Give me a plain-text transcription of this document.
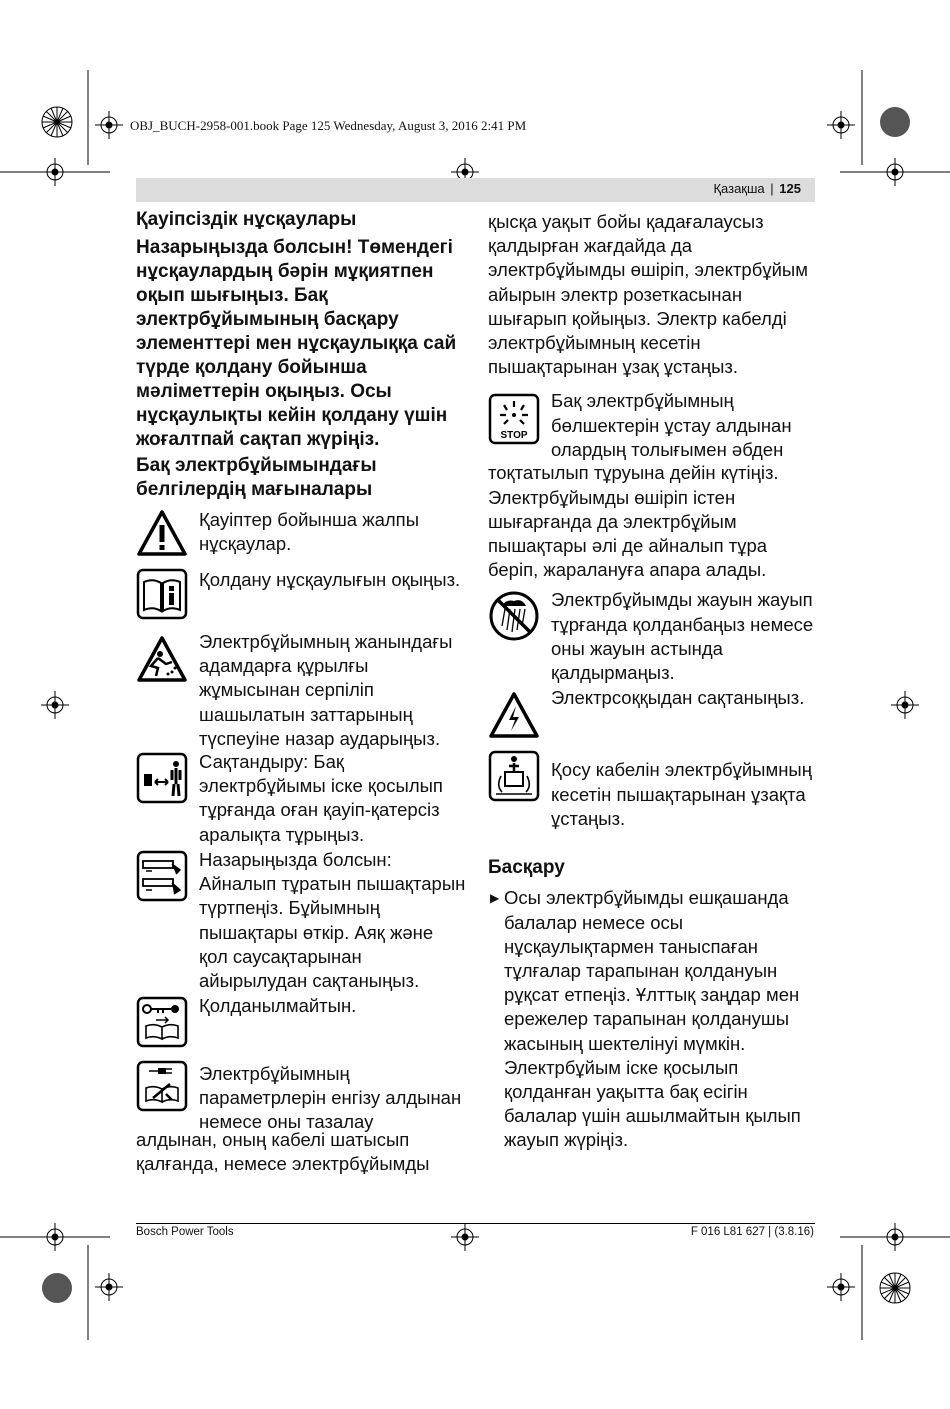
OBJ_BUCH-2958-001.book Page 125 Wednesday, August 3, 2016 2:41 PM
Қазақша | 125

Қауіпсіздік нұсқаулары

Назарыңызда болсын! Төмендегі нұсқаулардың бәрін мұқиятпен оқып шығыңыз. Бақ электрбұйымының басқару элементтері мен нұсқаулыққа сай түрде қолдану бойынша мәліметтерін оқыңыз. Осы нұсқаулықты кейін қолдану үшін жоғалтпай сақтап жүріңіз.

Бақ электрбұйымындағы белгілердің мағыналары

Қауіптер бойынша жалпы нұсқаулар.

Қолдану нұсқаулығын оқыңыз.

Электрбұйымның жанындағы адамдарға құрылғы жұмысынан серпіліп шашылатын заттарының түспеуіне назар аударыңыз.

Сақтандыру: Бақ электрбұйымы іске қосылып тұрғанда оған қауіп-қатерсіз аралықта тұрыңыз.

Назарыңызда болсын: Айналып тұратын пышақтарын түртпеңіз. Бұйымның пышақтары өткір. Аяқ және қол саусақтарынан айырылудан сақтаныңыз.

Қолданылмайтын.

Электрбұйымның параметрлерін енгізу алдынан немесе оны тазалау

алдынан, оның кабелі шатысып қалғанда, немесе электрбұйымды

қысқа уақыт бойы қадағалаусыз қалдырған жағдайда да электрбұйымды өшіріп, электрбұйым айырын электр розеткасынан шығарып қойыңыз. Электр кабелді электрбұйымның кесетін пышақтарынан ұзақ ұстаңыз.

STOP

Бақ электрбұйымның бөлшектерін ұстау алдынан олардың толығымен әбден

тоқтатылып тұруына дейін күтіңіз. Электрбұйымды өшіріп істен шығарғанда да электрбұйым пышақтары әлі де айналып тұра беріп, жаралануға апара алады.

Электрбұйымды жауын жауып тұрғанда қолданбаңыз немесе оны жауын астында қалдырмаңыз.

Электрсоққыдан сақтаныңыз.

Қосу кабелін электрбұйымның кесетін пышақтарынан ұзақта ұстаңыз.

Басқару

▶ Осы электрбұйымды ешқашанда балалар немесе осы нұсқаулықтармен таныспаған тұлғалар тарапынан қолдануын рұқсат етпеңіз. Ұлттық заңдар мен ережелер тарапынан қолданушы жасының шектелінуі мүмкін. Электрбұйым іске қосылып қолданған уақытта бақ есігін балалар үшін ашылмайтын қылып жауып жүріңіз.

Bosch Power Tools	F 016 L81 627 | (3.8.16)
